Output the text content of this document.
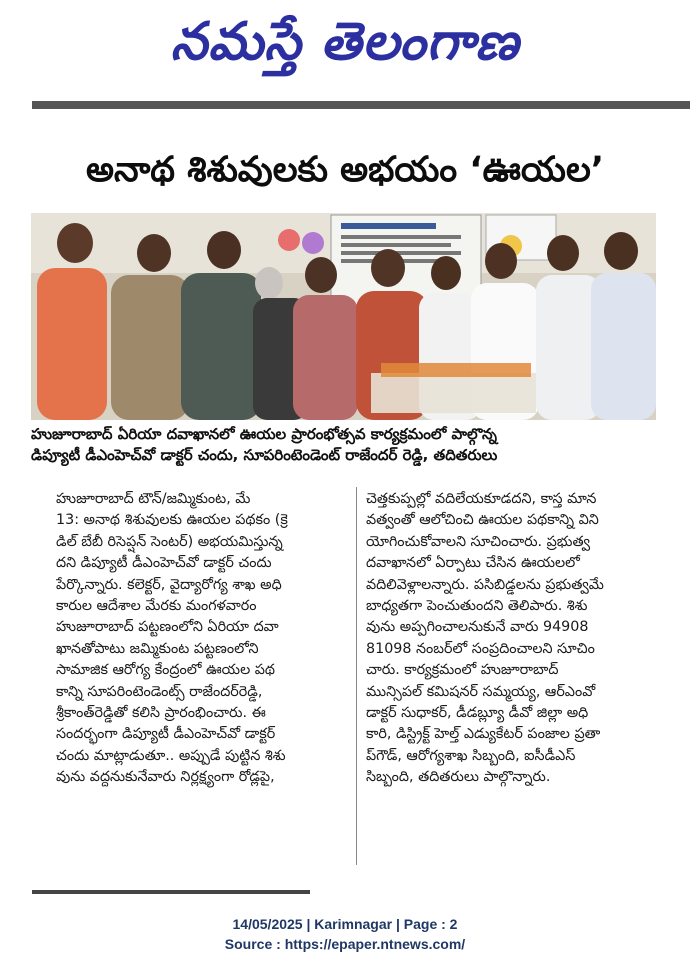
నమస్తే తెలంగాణ
అనాథ శిశువులకు అభయం ‘ఊయల’
హుజూరాబాద్ ఏరియా దవాఖానలో ఊయల ప్రారంభోత్సవ కార్యక్రమంలో పాల్గొన్న
డిప్యూటీ డీఎంహెచ్‌వో డాక్టర్ చందు, సూపరింటెండెంట్ రాజేందర్ రెడ్డి, తదితరులు
హుజూరాబాద్ టౌన్/జమ్మికుంట, మే
13: అనాథ శిశువులకు ఊయల పథకం (క్రె
డిల్ బేబీ రిసెప్షన్ సెంటర్) అభయమిస్తున్న
దని డిప్యూటీ డీఎంహెచ్‌వో డాక్టర్ చందు
పేర్కొన్నారు. కలెక్టర్, వైద్యారోగ్య శాఖ అధి
కారుల ఆదేశాల మేరకు మంగళవారం
హుజూరాబాద్ పట్టణంలోని ఏరియా దవా
ఖానతోపాటు జమ్మికుంట పట్టణంలోని
సామాజిక ఆరోగ్య కేంద్రంలో ఊయల పథ
కాన్ని సూపరింటెండెంట్స్ రాజేందర్‌రెడ్డి,
శ్రీకాంత్‌రెడ్డితో కలిసి ప్రారంభించారు. ఈ
సందర్భంగా డిప్యూటీ డీఎంహెచ్‌వో డాక్టర్
చందు మాట్లాడుతూ.. అప్పుడే పుట్టిన శిశు
వును వద్దనుకునేవారు నిర్లక్ష్యంగా రోడ్లపై,
చెత్తకుప్పల్లో వదిలేయకూడదని, కాస్త మాన
వత్వంతో ఆలోచించి ఊయల పథకాన్ని విని
యోగించుకోవాలని సూచించారు. ప్రభుత్వ
దవాఖానలో ఏర్పాటు చేసిన ఊయలలో
వదిలివెళ్లాలన్నారు. పసిబిడ్డలను ప్రభుత్వమే
బాధ్యతగా పెంచుతుందని తెలిపారు. శిశు
వును అప్పగించాలనుకునే వారు 94908
81098 నంబర్‌లో సంప్రదించాలని సూచిం
చారు. కార్యక్రమంలో హుజూరాబాద్
మున్సిపల్ కమిషనర్ సమ్మయ్య, ఆర్ఎంవో
డాక్టర్ సుధాకర్, డీడబ్ల్యూ డీవో జిల్లా అధి
కారి, డిస్ట్రిక్ట్ హెల్త్ ఎడ్యుకేటర్ పంజాల ప్రతా
ప్‌గౌడ్, ఆరోగ్యశాఖ సిబ్బంది, ఐసీడీఎస్
సిబ్బంది, తదితరులు పాల్గొన్నారు.
14/05/2025 | Karimnagar | Page : 2
Source : https://epaper.ntnews.com/
